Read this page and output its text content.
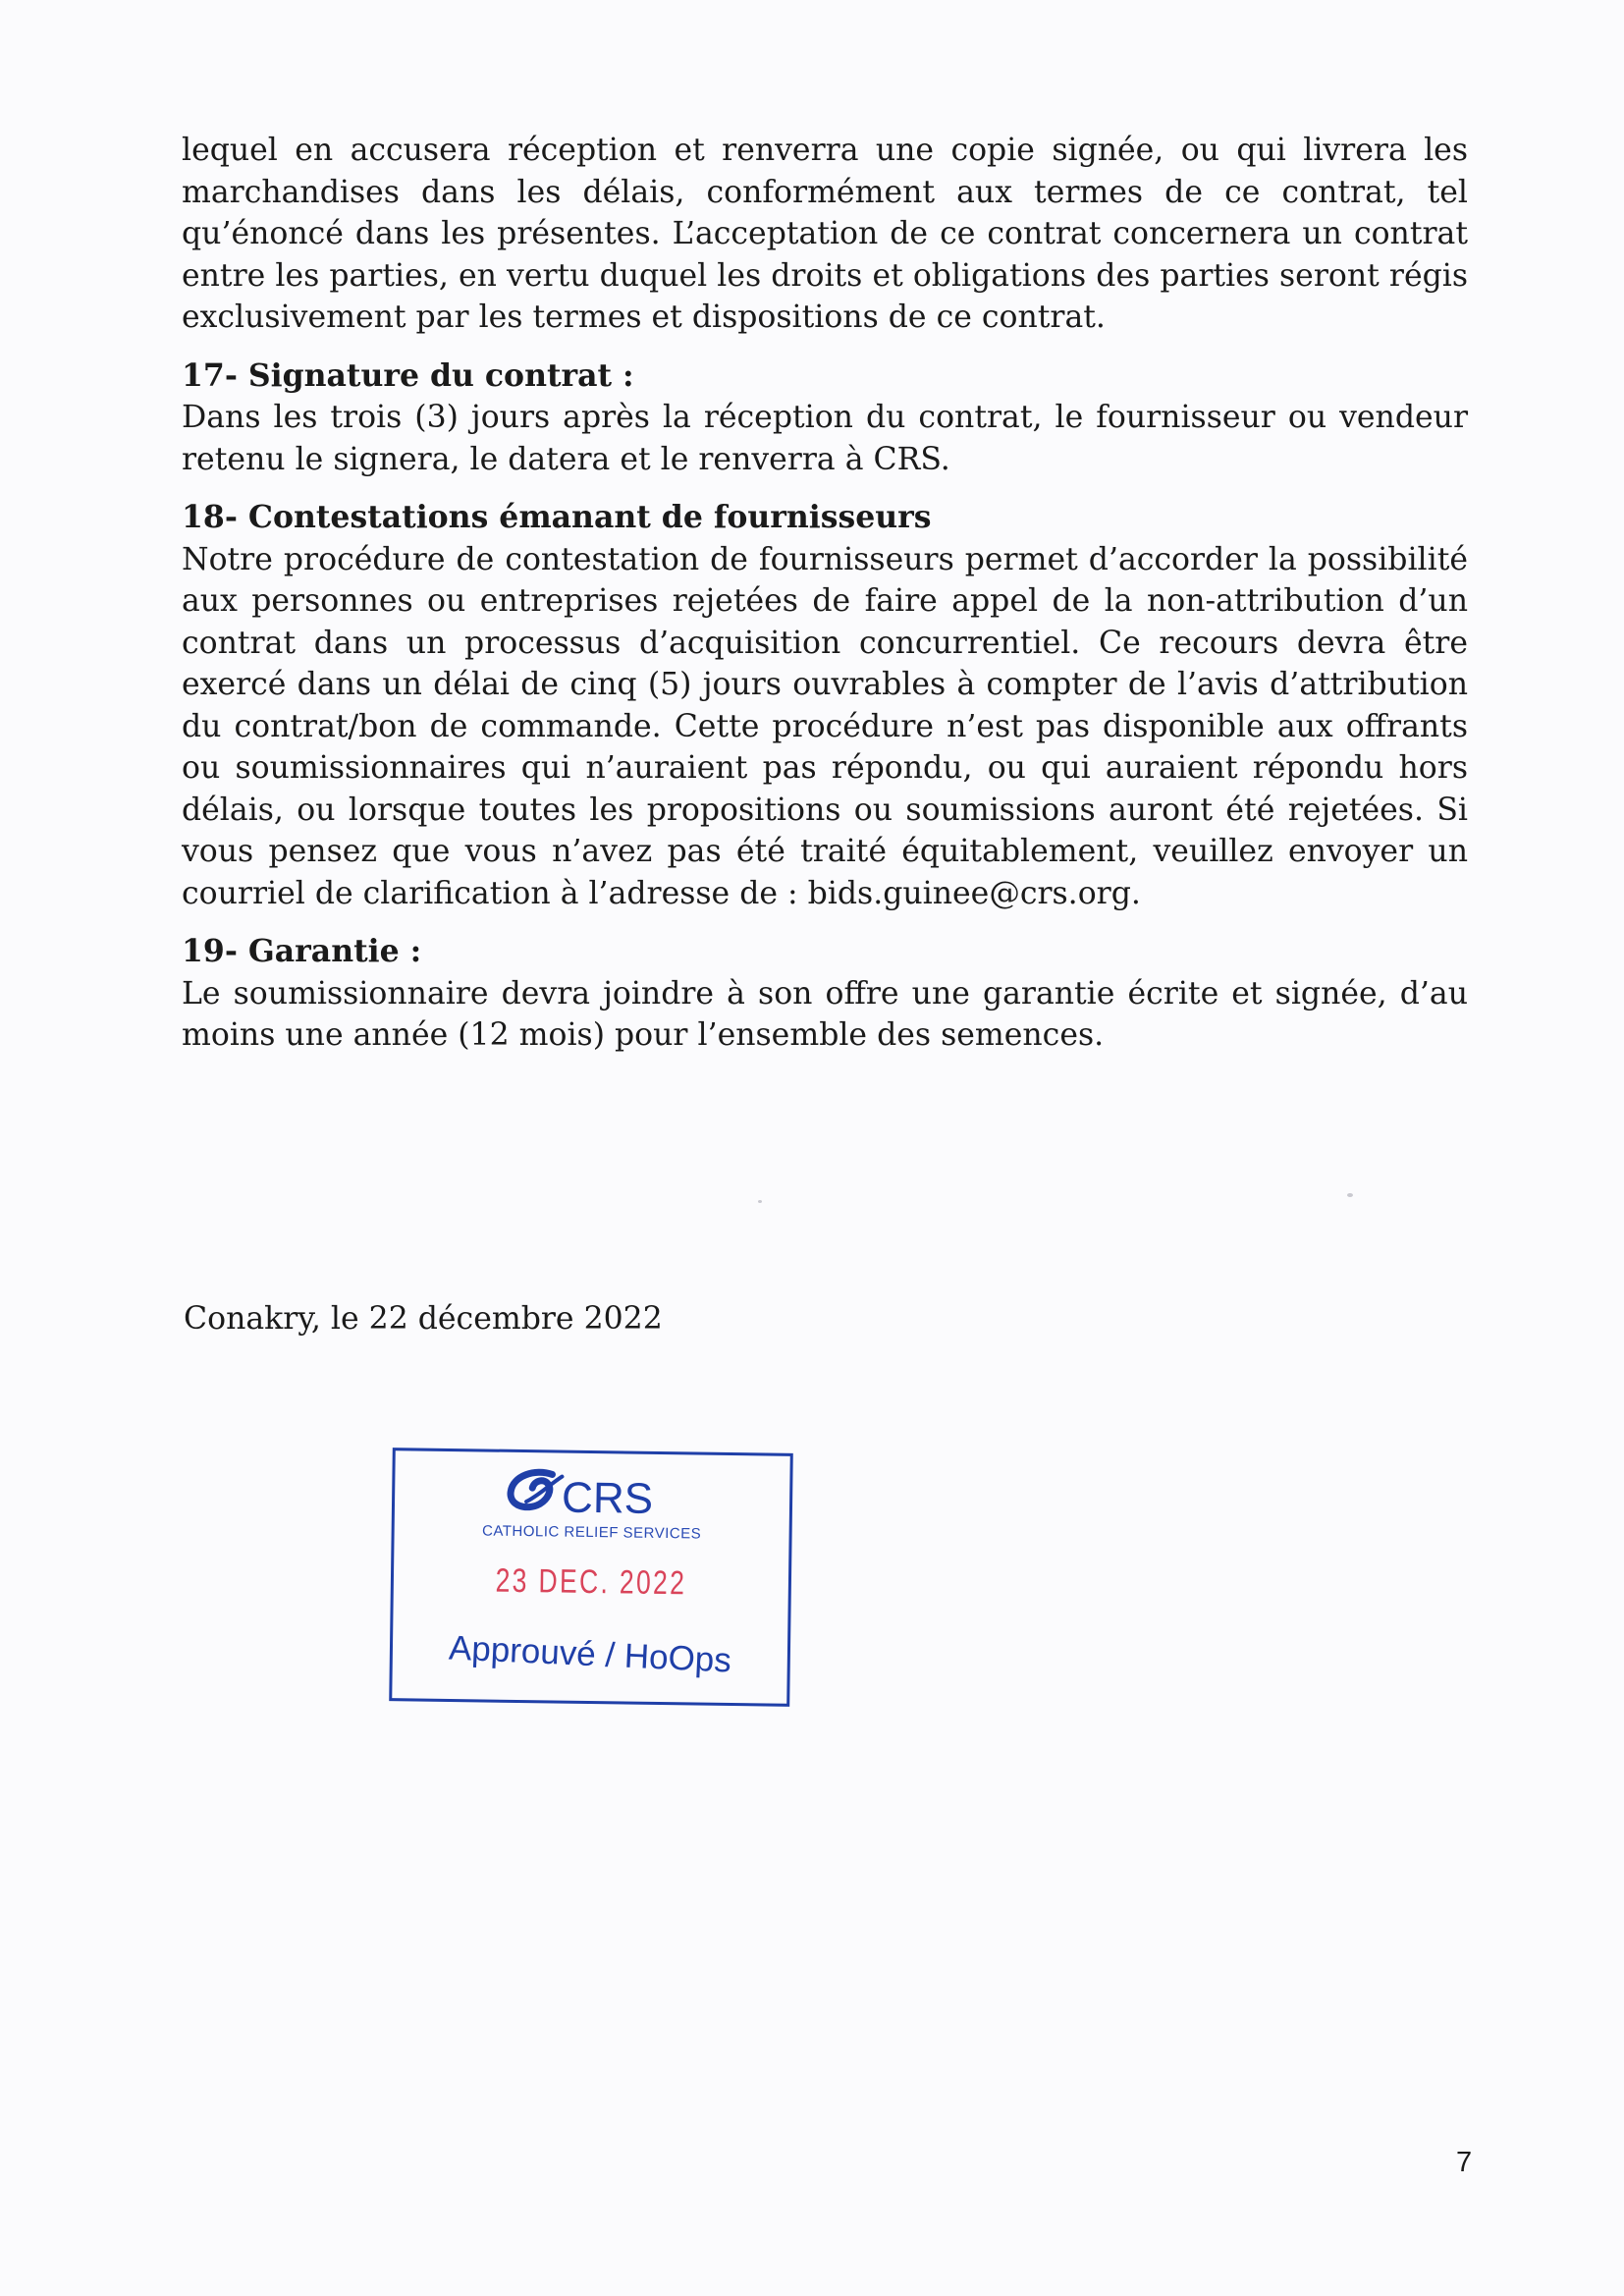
lequel en accusera réception et renverra une copie signée, ou qui livrera les marchandises dans les délais, conformément aux termes de ce contrat, tel qu’énoncé dans les présentes. L’acceptation de ce contrat concernera un contrat entre les parties, en vertu duquel les droits et obligations des parties seront régis exclusivement par les termes et dispositions de ce contrat.

17- Signature du contrat :

Dans les trois (3) jours après la réception du contrat, le fournisseur ou vendeur retenu le signera, le datera et le renverra à CRS.

18- Contestations émanant de fournisseurs

Notre procédure de contestation de fournisseurs permet d’accorder la possibilité aux personnes ou entreprises rejetées de faire appel de la non-attribution d’un contrat dans un processus d’acquisition concurrentiel. Ce recours devra être exercé dans un délai de cinq (5) jours ouvrables à compter de l’avis d’attribution du contrat/bon de commande. Cette procédure n’est pas disponible aux offrants ou soumissionnaires qui n’auraient pas répondu, ou qui auraient répondu hors délais, ou lorsque toutes les propositions ou soumissions auront été rejetées. Si vous pensez que vous n’avez pas été traité équitablement, veuillez envoyer un courriel de clarification à l’adresse de : bids.guinee@crs.org.

19- Garantie :

Le soumissionnaire devra joindre à son offre une garantie écrite et signée, d’au moins une année (12 mois) pour l’ensemble des semences.

Conakry, le 22 décembre 2022
CRS
CATHOLIC RELIEF SERVICES
23 DEC. 2022
Approuvé / HoOps
7
